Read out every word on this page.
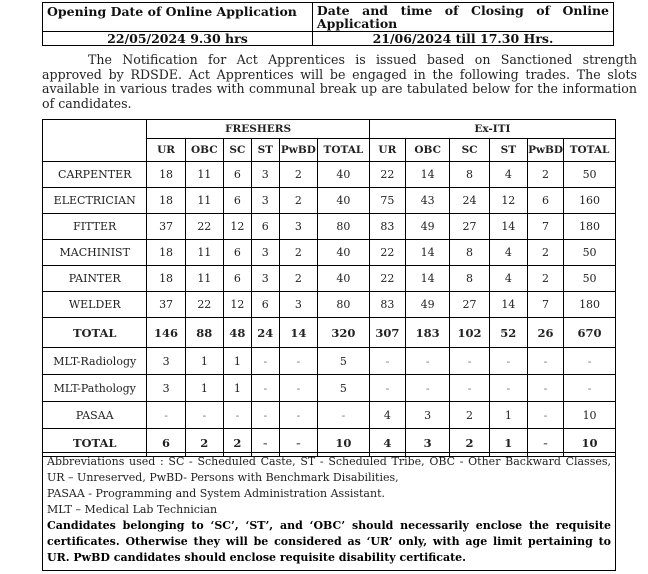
Opening Date of Online Application	Date and time of Closing of Online Application
22/05/2024 9.30 hrs	21/06/2024 till 17.30 Hrs.
The Notification for Act Apprentices is issued based on Sanctioned strength approved by RDSDE. Act Apprentices will be engaged in the following trades. The slots available in various trades with communal break up are tabulated below for the information of candidates.
	FRESHERS						Ex-ITI					
	UR	OBC	SC	ST	PwBD	TOTAL	UR	OBC	SC	ST	PwBD	TOTAL
CARPENTER	18	11	6	3	2	40	22	14	8	4	2	50
ELECTRICIAN	18	11	6	3	2	40	75	43	24	12	6	160
FITTER	37	22	12	6	3	80	83	49	27	14	7	180
MACHINIST	18	11	6	3	2	40	22	14	8	4	2	50
PAINTER	18	11	6	3	2	40	22	14	8	4	2	50
WELDER	37	22	12	6	3	80	83	49	27	14	7	180
TOTAL	146	88	48	24	14	320	307	183	102	52	26	670
MLT-Radiology	3	1	1	-	-	5	-	-	-	-	-	-
MLT-Pathology	3	1	1	-	-	5	-	-	-	-	-	-
PASAA	-	-	-	-	-	-	4	3	2	1	-	10
TOTAL	6	2	2	-	-	10	4	3	2	1	-	10
Abbreviations used : SC - Scheduled Caste, ST - Scheduled Tribe, OBC - Other Backward Classes, UR – Unreserved, PwBD- Persons with Benchmark Disabilities,
PASAA - Programming and System Administration Assistant.
MLT – Medical Lab Technician
Candidates belonging to ‘SC’, ‘ST’, and ‘OBC’ should necessarily enclose the requisite certificates. Otherwise they will be considered as ‘UR’ only, with age limit pertaining to UR. PwBD candidates should enclose requisite disability certificate.
